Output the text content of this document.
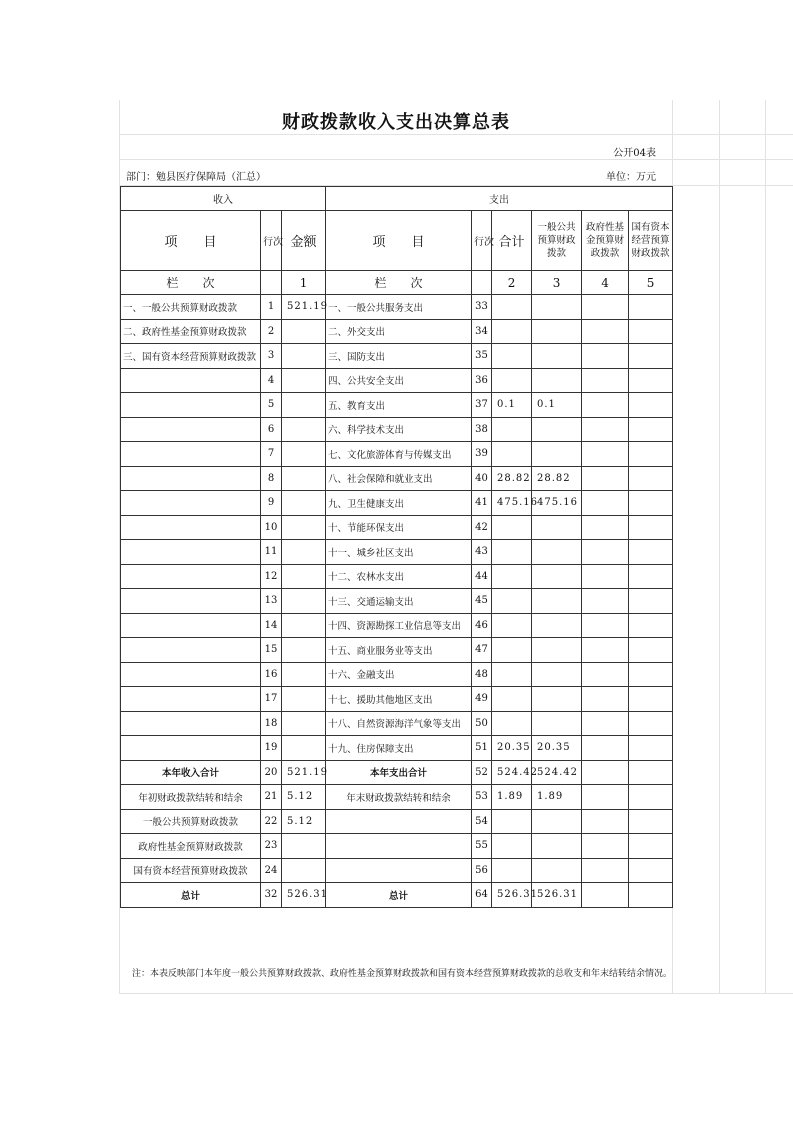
财政拨款收入支出决算总表
公开04表
部门：勉县医疗保障局（汇总）	单位：万元
收入			支出					
项　　目	行次	金额	项　　目	行次	合计	一般公共预算财政拨款	政府性基金预算财政拨款	国有资本经营预算财政拨款
栏　　次		1	栏　　次		2	3	4	5
一、一般公共预算财政拨款	1	521.19	一、一般公共服务支出	33				
二、政府性基金预算财政拨款	2		二、外交支出	34				
三、国有资本经营预算财政拨款	3		三、国防支出	35				
	4		四、公共安全支出	36				
	5		五、教育支出	37	0.1	0.1		
	6		六、科学技术支出	38				
	7		七、文化旅游体育与传媒支出	39				
	8		八、社会保障和就业支出	40	28.82	28.82		
	9		九、卫生健康支出	41	475.16	475.16		
	10		十、节能环保支出	42				
	11		十一、城乡社区支出	43				
	12		十二、农林水支出	44				
	13		十三、交通运输支出	45				
	14		十四、资源勘探工业信息等支出	46				
	15		十五、商业服务业等支出	47				
	16		十六、金融支出	48				
	17		十七、援助其他地区支出	49				
	18		十八、自然资源海洋气象等支出	50				
	19		十九、住房保障支出	51	20.35	20.35		
本年收入合计	20	521.19	本年支出合计	52	524.42	524.42		
年初财政拨款结转和结余	21	5.12	年末财政拨款结转和结余	53	1.89	1.89		
一般公共预算财政拨款	22	5.12		54				
政府性基金预算财政拨款	23			55				
国有资本经营预算财政拨款	24			56				
总计	32	526.31	总计	64	526.31	526.31		
注：本表反映部门本年度一般公共预算财政拨款、政府性基金预算财政拨款和国有资本经营预算财政拨款的总收支和年末结转结余情况。
